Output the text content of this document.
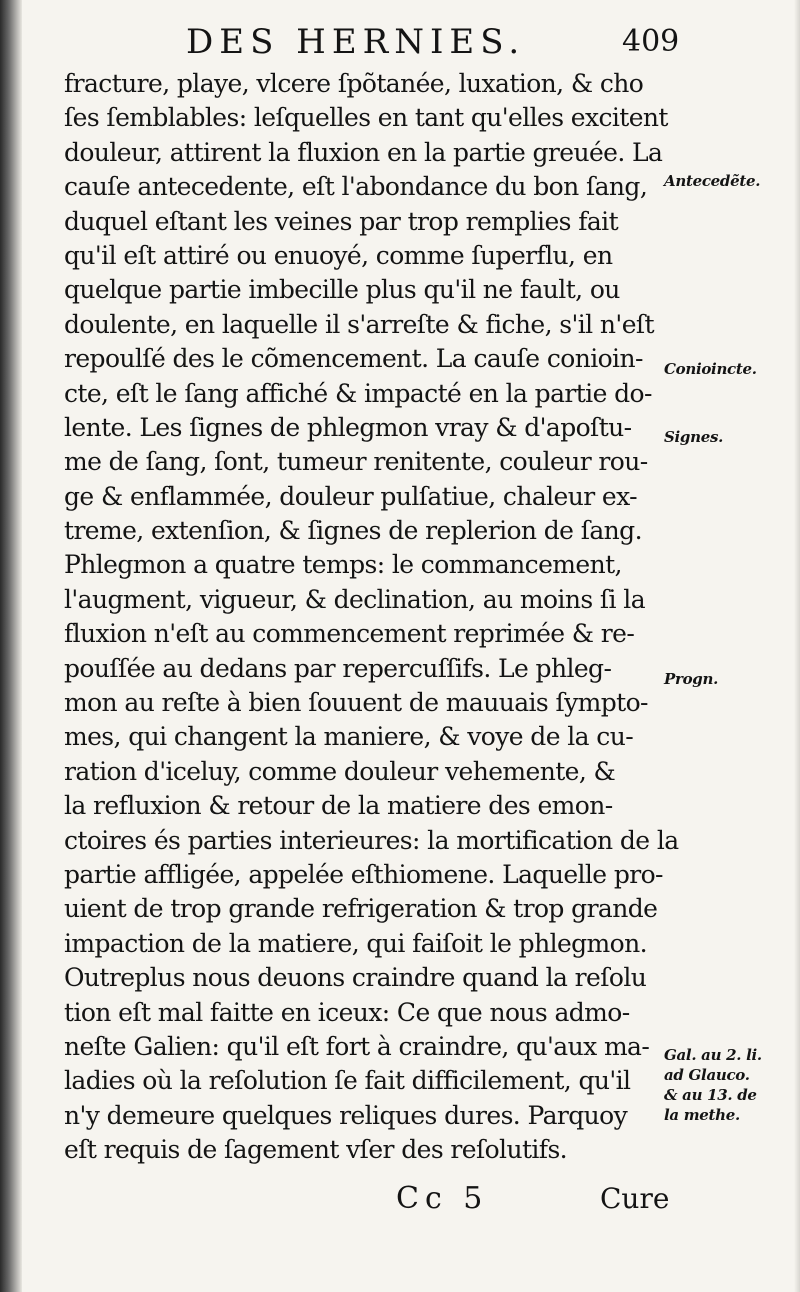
DES HERNIES.	409
fracture, playe, vlcere ſpõtanée, luxation, & cho
ſes ſemblables: leſquelles en tant qu'elles excitent
douleur, attirent la fluxion en la partie greuée. La
cauſe antecedente, eſt l'abondance du bon ſang,
duquel eſtant les veines par trop remplies fait
qu'il eſt attiré ou enuoyé, comme ſuperflu, en
quelque partie imbecille plus qu'il ne fault, ou
doulente, en laquelle il s'arreſte & fiche, s'il n'eſt
repoulſé des le cõmencement. La cauſe conioin-
cte, eſt le ſang affiché & impacté en la partie do-
lente. Les ſignes de phlegmon vray & d'apoſtu-
me de ſang, ſont, tumeur renitente, couleur rou-
ge & enflammée, douleur pulſatiue, chaleur ex-
treme, extenſion, & ſignes de replerion de ſang.
Phlegmon a quatre temps: le commancement,
l'augment, vigueur, & declination, au moins ſi la
fluxion n'eſt au commencement reprimée & re-
pouſſée au dedans par repercuſſifs. Le phleg-
mon au reſte à bien ſouuent de mauuais ſympto-
mes, qui changent la maniere, & voye de la cu-
ration d'iceluy, comme douleur vehemente, &
la refluxion & retour de la matiere des emon-
ctoires és parties interieures: la mortification de la
partie affligée, appelée eſthiomene. Laquelle pro-
uient de trop grande refrigeration & trop grande
impaction de la matiere, qui faiſoit le phlegmon.
Outreplus nous deuons craindre quand la reſolu
tion eſt mal faitte en iceux: Ce que nous admo-
neſte Galien: qu'il eſt fort à craindre, qu'aux ma-
ladies où la reſolution ſe fait difficilement, qu'il
n'y demeure quelques reliques dures. Parquoy
eſt requis de ſagement vſer des reſolutifs.
Antecedẽte.
Conioincte.
Signes.
Progn.
Gal. au 2. li.
ad Glauco.
& au 13. de
la methe.
Cc 5	Cure
